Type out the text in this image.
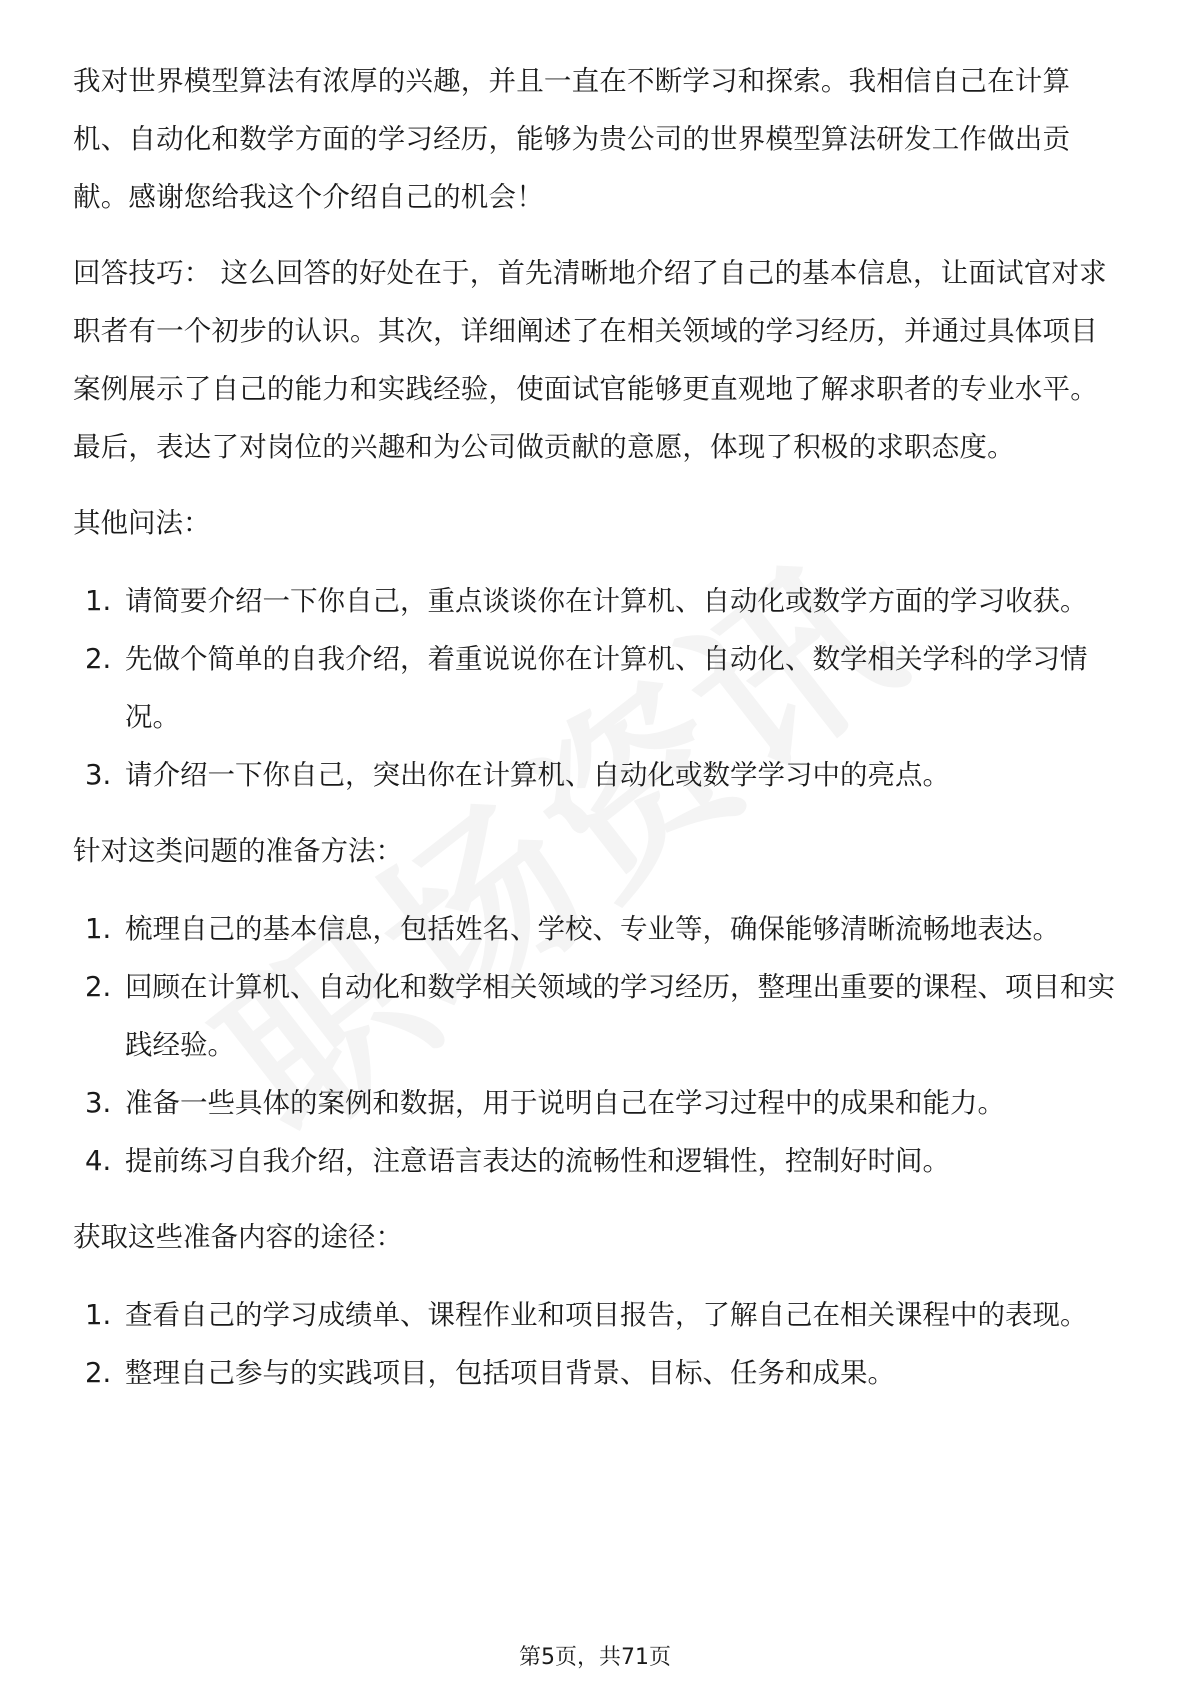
我对世界模型算法有浓厚的兴趣，并且一直在不断学习和探索。我相信自己在计算机、自动化和数学方面的学习经历，能够为贵公司的世界模型算法研发工作做出贡献。感谢您给我这个介绍自己的机会！

回答技巧： 这么回答的好处在于，首先清晰地介绍了自己的基本信息，让面试官对求职者有一个初步的认识。其次，详细阐述了在相关领域的学习经历，并通过具体项目案例展示了自己的能力和实践经验，使面试官能够更直观地了解求职者的专业水平。最后，表达了对岗位的兴趣和为公司做贡献的意愿，体现了积极的求职态度。

其他问法：
1. 请简要介绍一下你自己，重点谈谈你在计算机、自动化或数学方面的学习收获。
2. 先做个简单的自我介绍，着重说说你在计算机、自动化、数学相关学科的学习情况。
3. 请介绍一下你自己，突出你在计算机、自动化或数学学习中的亮点。
针对这类问题的准备方法：
1. 梳理自己的基本信息，包括姓名、学校、专业等，确保能够清晰流畅地表达。
2. 回顾在计算机、自动化和数学相关领域的学习经历，整理出重要的课程、项目和实践经验。
3. 准备一些具体的案例和数据，用于说明自己在学习过程中的成果和能力。
4. 提前练习自我介绍，注意语言表达的流畅性和逻辑性，控制好时间。
获取这些准备内容的途径：
1. 查看自己的学习成绩单、课程作业和项目报告，了解自己在相关课程中的表现。
2. 整理自己参与的实践项目，包括项目背景、目标、任务和成果。
第5页，共71页
